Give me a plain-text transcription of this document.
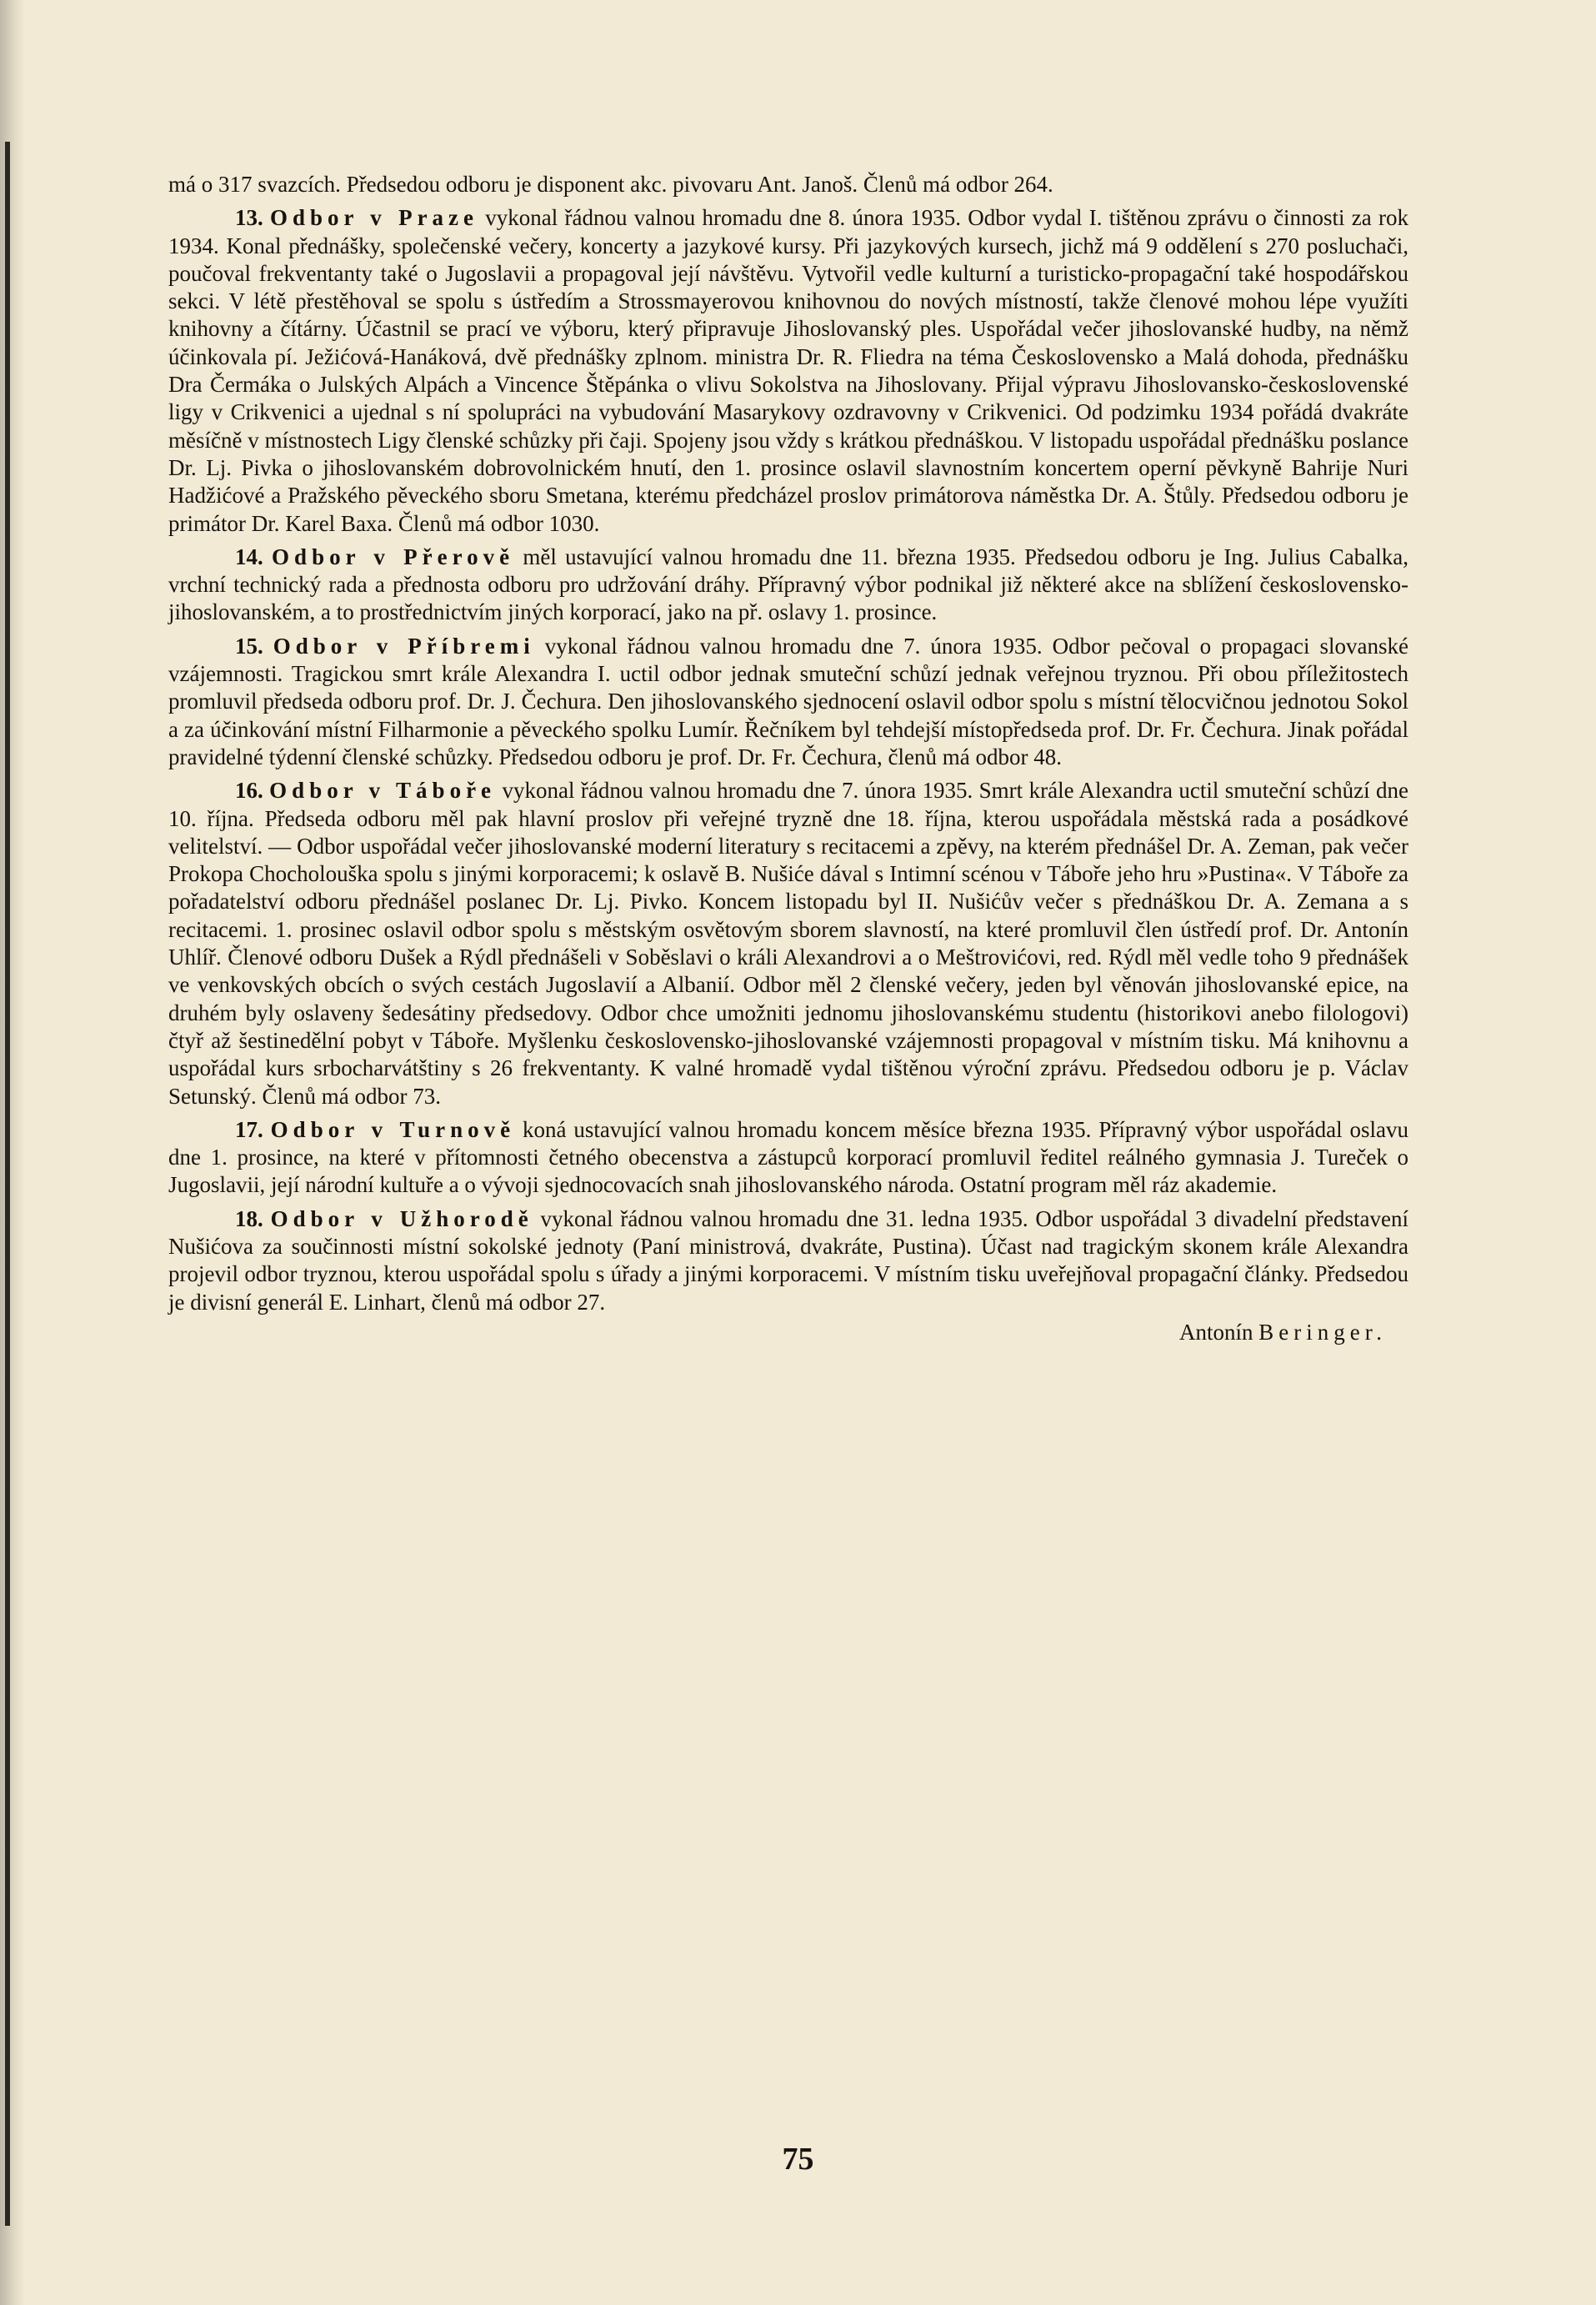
má o 317 svazcích. Předsedou odboru je disponent akc. pivovaru Ant. Janoš. Členů má odbor 264.

13. Odbor v Praze vykonal řádnou valnou hromadu dne 8. února 1935. Odbor vydal I. tištěnou zprávu o činnosti za rok 1934. Konal přednášky, společenské večery, koncerty a jazykové kursy. Při jazykových kursech, jichž má 9 oddělení s 270 posluchači, poučoval frekventanty také o Jugoslavii a propagoval její návštěvu. Vytvořil vedle kulturní a turisticko-propagační také hospodářskou sekci. V létě přestěhoval se spolu s ústředím a Strossmayerovou knihovnou do nových místností, takže členové mohou lépe využíti knihovny a čítárny. Účastnil se prací ve výboru, který připravuje Jihoslovanský ples. Uspořádal večer jihoslovanské hudby, na němž účinkovala pí. Ježićová-Hanáková, dvě přednášky zplnom. ministra Dr. R. Fliedra na téma Československo a Malá dohoda, přednášku Dra Čermáka o Julských Alpách a Vincence Štěpánka o vlivu Sokolstva na Jihoslovany. Přijal výpravu Jihoslovansko-československé ligy v Crikvenici a ujednal s ní spolupráci na vybudování Masarykovy ozdravovny v Crikvenici. Od podzimku 1934 pořádá dvakráte měsíčně v místnostech Ligy členské schůzky při čaji. Spojeny jsou vždy s krátkou přednáškou. V listopadu uspořádal přednášku poslance Dr. Lj. Pivka o jihoslovanském dobrovolnickém hnutí, den 1. prosince oslavil slavnostním koncertem operní pěvkyně Bahrije Nuri Hadžićové a Pražského pěveckého sboru Smetana, kterému předcházel proslov primátorova náměstka Dr. A. Štůly. Předsedou odboru je primátor Dr. Karel Baxa. Členů má odbor 1030.

14. Odbor v Přerově měl ustavující valnou hromadu dne 11. března 1935. Předsedou odboru je Ing. Julius Cabalka, vrchní technický rada a přednosta odboru pro udržování dráhy. Přípravný výbor podnikal již některé akce na sblížení československo-jihoslovanském, a to prostřednictvím jiných korporací, jako na př. oslavy 1. prosince.

15. Odbor v Příbremi vykonal řádnou valnou hromadu dne 7. února 1935. Odbor pečoval o propagaci slovanské vzájemnosti. Tragickou smrt krále Alexandra I. uctil odbor jednak smuteční schůzí jednak veřejnou tryznou. Při obou příležitostech promluvil předseda odboru prof. Dr. J. Čechura. Den jihoslovanského sjednocení oslavil odbor spolu s místní tělocvičnou jednotou Sokol a za účinkování místní Filharmonie a pěveckého spolku Lumír. Řečníkem byl tehdejší místopředseda prof. Dr. Fr. Čechura. Jinak pořádal pravidelné týdenní členské schůzky. Předsedou odboru je prof. Dr. Fr. Čechura, členů má odbor 48.

16. Odbor v Táboře vykonal řádnou valnou hromadu dne 7. února 1935. Smrt krále Alexandra uctil smuteční schůzí dne 10. října. Předseda odboru měl pak hlavní proslov při veřejné tryzně dne 18. října, kterou uspořádala městská rada a posádkové velitelství. — Odbor uspořádal večer jihoslovanské moderní literatury s recitacemi a zpěvy, na kterém přednášel Dr. A. Zeman, pak večer Prokopa Chocholouška spolu s jinými korporacemi; k oslavě B. Nušiće dával s Intimní scénou v Táboře jeho hru »Pustina«. V Táboře za pořadatelství odboru přednášel poslanec Dr. Lj. Pivko. Koncem listopadu byl II. Nušićův večer s přednáškou Dr. A. Zemana a s recitacemi. 1. prosinec oslavil odbor spolu s městským osvětovým sborem slavností, na které promluvil člen ústředí prof. Dr. Antonín Uhlíř. Členové odboru Dušek a Rýdl přednášeli v Soběslavi o králi Alexandrovi a o Meštrovićovi, red. Rýdl měl vedle toho 9 přednášek ve venkovských obcích o svých cestách Jugoslavií a Albanií. Odbor měl 2 členské večery, jeden byl věnován jihoslovanské epice, na druhém byly oslaveny šedesátiny předsedovy. Odbor chce umožniti jednomu jihoslovanskému studentu (historikovi anebo filologovi) čtyř až šestinedělní pobyt v Táboře. Myšlenku československo-jihoslovanské vzájemnosti propagoval v místním tisku. Má knihovnu a uspořádal kurs srbocharvátštiny s 26 frekventanty. K valné hromadě vydal tištěnou výroční zprávu. Předsedou odboru je p. Václav Setunský. Členů má odbor 73.

17. Odbor v Turnově koná ustavující valnou hromadu koncem měsíce března 1935. Přípravný výbor uspořádal oslavu dne 1. prosince, na které v přítomnosti četného obecenstva a zástupců korporací promluvil ředitel reálného gymnasia J. Tureček o Jugoslavii, její národní kultuře a o vývoji sjednocovacích snah jihoslovanského národa. Ostatní program měl ráz akademie.

18. Odbor v Užhorodě vykonal řádnou valnou hromadu dne 31. ledna 1935. Odbor uspořádal 3 divadelní představení Nušićova za součinnosti místní sokolské jednoty (Paní ministrová, dvakráte, Pustina). Účast nad tragickým skonem krále Alexandra projevil odbor tryznou, kterou uspořádal spolu s úřady a jinými korporacemi. V místním tisku uveřejňoval propagační články. Předsedou je divisní generál E. Linhart, členů má odbor 27.

Antonín Beringer.
75
